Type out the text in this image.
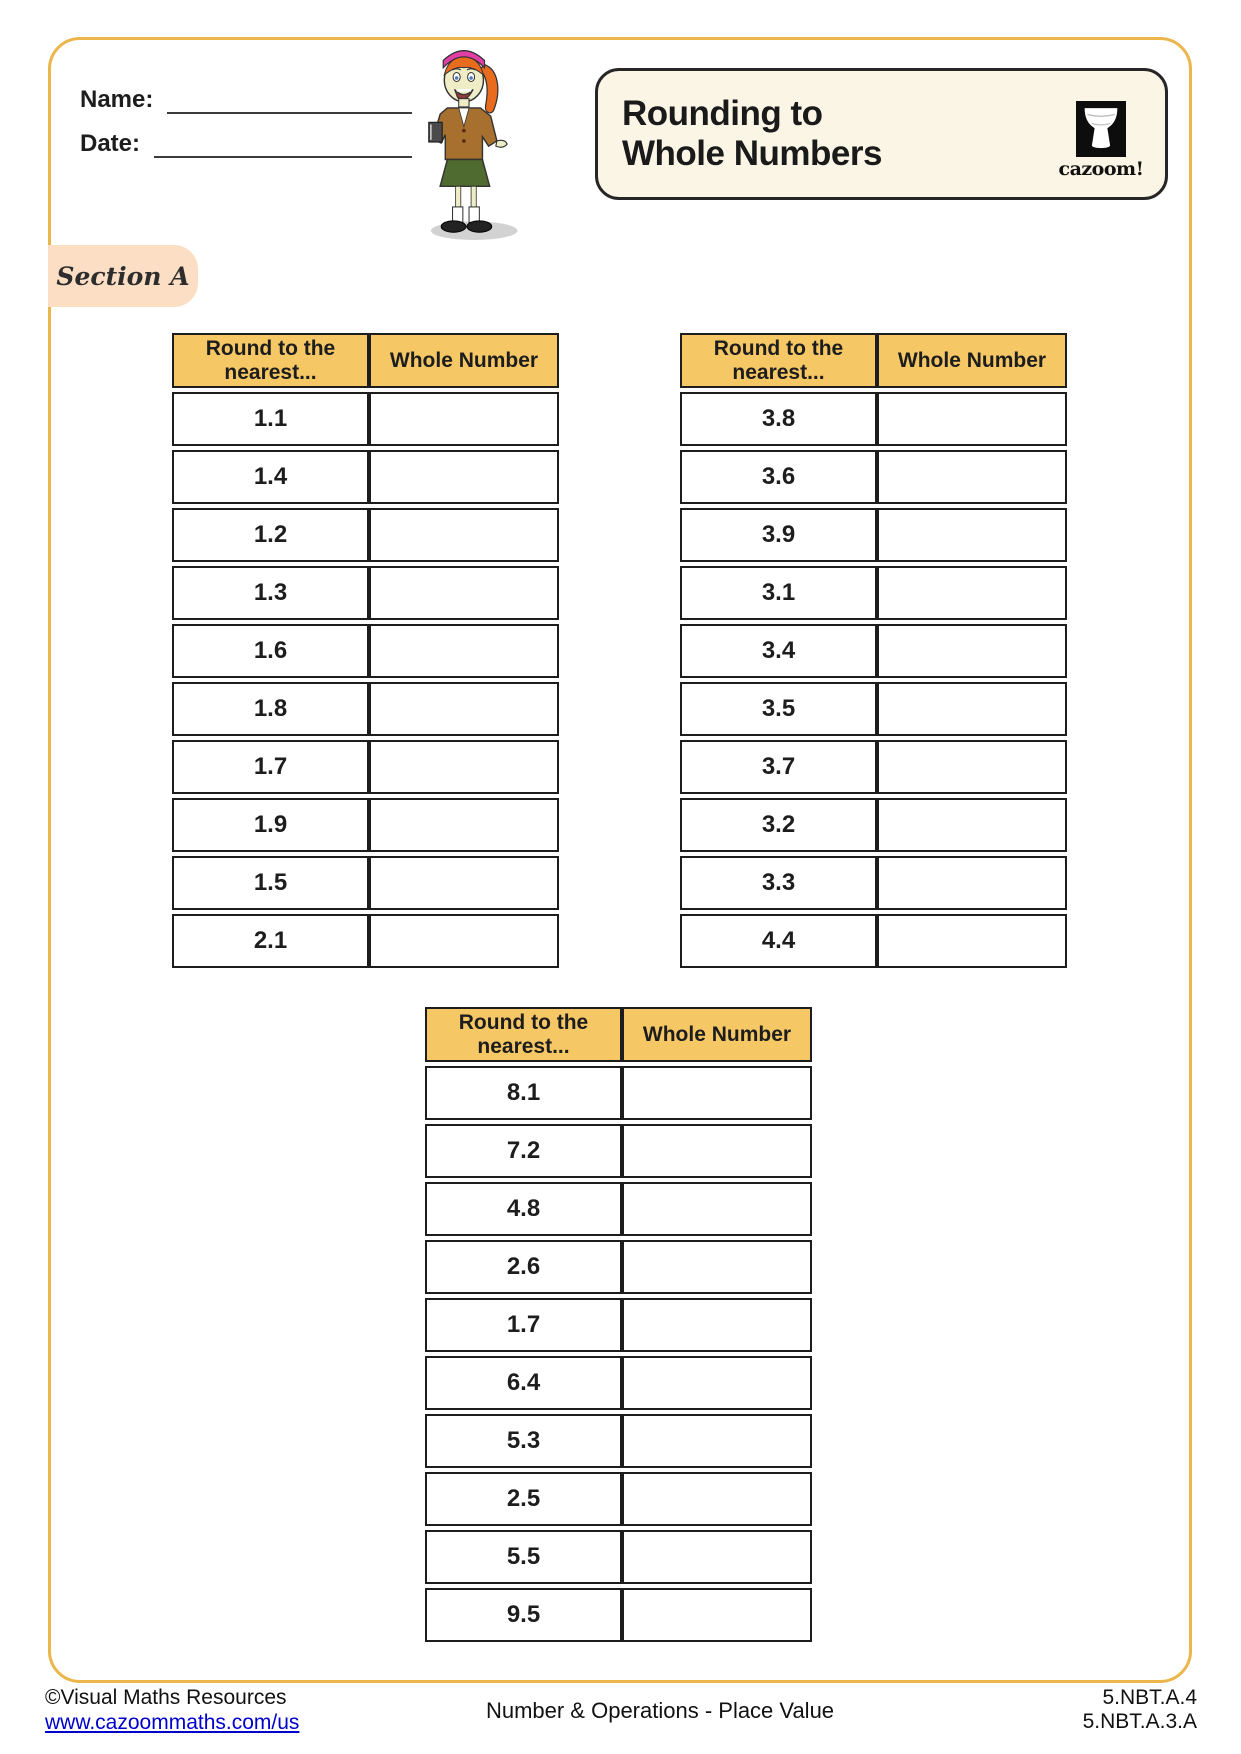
Name:
Date:
Rounding to
Whole Numbers	cazoom!
Section A
Round to the nearest...	Whole Number
1.1	
1.4	
1.2	
1.3	
1.6	
1.8	
1.7	
1.9	
1.5	
2.1	
Round to the nearest...	Whole Number
3.8	
3.6	
3.9	
3.1	
3.4	
3.5	
3.7	
3.2	
3.3	
4.4	
Round to the nearest...	Whole Number
8.1	
7.2	
4.8	
2.6	
1.7	
6.4	
5.3	
2.5	
5.5	
9.5	
©Visual Maths Resources
www.cazoommaths.com/us	Number & Operations - Place Value
5.NBT.A.4
5.NBT.A.3.A
